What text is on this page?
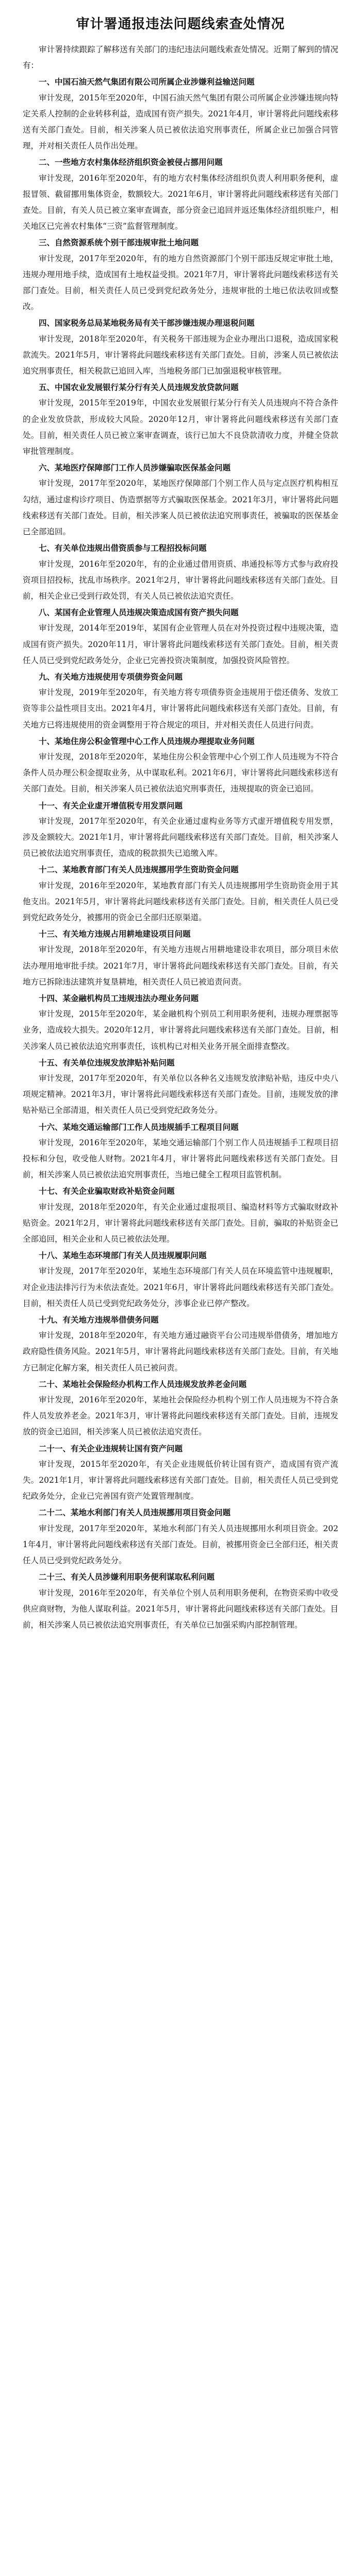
审计署通报违法问题线索查处情况

审计署持续跟踪了解移送有关部门的违纪违法问题线索查处情况。近期了解到的情况有：

一、中国石油天然气集团有限公司所属企业涉嫌利益输送问题

审计发现，2015年至2020年，中国石油天然气集团有限公司所属企业涉嫌违规向特定关系人控制的企业转移利益，造成国有资产损失。2021年4月，审计署将此问题线索移送有关部门查处。目前，相关涉案人员已被依法追究刑事责任，所属企业已加强合同管理，并对相关责任人员作出处理。

二、一些地方农村集体经济组织资金被侵占挪用问题

审计发现，2016年至2020年，有的地方农村集体经济组织负责人利用职务便利，虚报冒领、截留挪用集体资金，数额较大。2021年6月，审计署将此问题线索移送有关部门查处。目前，有关人员已被立案审查调查，部分资金已追回并返还集体经济组织账户，相关地区已完善农村集体“三资”监督管理制度。

三、自然资源系统个别干部违规审批土地问题

审计发现，2017年至2020年，有的地方自然资源部门个别干部违反规定审批土地，违规办理用地手续，造成国有土地权益受损。2021年7月，审计署将此问题线索移送有关部门查处。目前，相关责任人员已受到党纪政务处分，违规审批的土地已依法收回或整改。

四、国家税务总局某地税务局有关干部涉嫌违规办理退税问题

审计发现，2018年至2020年，有关税务干部违规为企业办理出口退税，造成国家税款流失。2021年5月，审计署将此问题线索移送有关部门查处。目前，涉案人员已被依法追究刑事责任，相关税款已追回入库，当地税务部门已加强退税审核管理。

五、中国农业发展银行某分行有关人员违规发放贷款问题

审计发现，2015年至2019年，中国农业发展银行某分行有关人员违规向不符合条件的企业发放贷款，形成较大风险。2020年12月，审计署将此问题线索移送有关部门查处。目前，相关责任人员已被立案审查调查，该行已加大不良贷款清收力度，并健全贷款审批管理制度。

六、某地医疗保障部门工作人员涉嫌骗取医保基金问题

审计发现，2017年至2020年，某地医疗保障部门个别工作人员与定点医疗机构相互勾结，通过虚构诊疗项目、伪造票据等方式骗取医保基金。2021年3月，审计署将此问题线索移送有关部门查处。目前，相关涉案人员已被依法追究刑事责任，被骗取的医保基金已全部追回。

七、有关单位违规出借资质参与工程招投标问题

审计发现，2016年至2020年，有的企业通过借用资质、串通投标等方式参与政府投资项目招投标，扰乱市场秩序。2021年2月，审计署将此问题线索移送有关部门查处。目前，相关企业已受到行政处罚，有关人员已被依法追究责任。

八、某国有企业管理人员违规决策造成国有资产损失问题

审计发现，2014年至2019年，某国有企业管理人员在对外投资过程中违规决策，造成国有资产损失。2020年11月，审计署将此问题线索移送有关部门查处。目前，相关责任人员已受到党纪政务处分，企业已完善投资决策制度，加强投资风险管控。

九、有关地方违规使用专项债券资金问题

审计发现，2019年至2020年，有关地方将专项债券资金违规用于偿还债务、发放工资等非公益性项目支出。2021年4月，审计署将此问题线索移送有关部门查处。目前，有关地方已将违规使用的资金调整用于符合规定的项目，并对相关责任人员进行问责。

十、某地住房公积金管理中心工作人员违规办理提取业务问题

审计发现，2018年至2020年，某地住房公积金管理中心个别工作人员违规为不符合条件人员办理公积金提取业务，从中谋取私利。2021年6月，审计署将此问题线索移送有关部门查处。目前，相关涉案人员已被依法追究刑事责任，违规提取的资金已追回。

十一、有关企业虚开增值税专用发票问题

审计发现，2017年至2020年，有关企业通过虚构业务等方式虚开增值税专用发票，涉及金额较大。2021年1月，审计署将此问题线索移送有关部门查处。目前，相关涉案人员已被依法追究刑事责任，造成的税款损失已追缴入库。

十二、某地教育部门有关人员违规挪用学生资助资金问题

审计发现，2016年至2020年，某地教育部门有关人员违规挪用学生资助资金用于其他支出。2021年5月，审计署将此问题线索移送有关部门查处。目前，相关责任人员已受到党纪政务处分，被挪用的资金已全部归还原渠道。

十三、有关地方违规占用耕地建设项目问题

审计发现，2018年至2020年，有关地方违规占用耕地建设非农项目，部分项目未依法办理用地审批手续。2021年7月，审计署将此问题线索移送有关部门查处。目前，有关地方已拆除违法建筑并复垦耕地，相关责任人员已被追责问责。

十四、某金融机构员工违规违法办理业务问题

审计发现，2015年至2020年，某金融机构个别员工利用职务便利，违规办理票据等业务，造成较大损失。2020年12月，审计署将此问题线索移送有关部门查处。目前，相关涉案人员已被依法追究刑事责任，该机构已对相关业务开展全面排查整改。

十五、有关单位违规发放津贴补贴问题

审计发现，2017年至2020年，有关单位以各种名义违规发放津贴补贴，违反中央八项规定精神。2021年3月，审计署将此问题线索移送有关部门查处。目前，违规发放的津贴补贴已全部清退，相关责任人员已受到党纪政务处分。

十六、某地交通运输部门工作人员违规插手工程项目问题

审计发现，2016年至2020年，某地交通运输部门个别工作人员违规插手工程项目招投标和分包，收受他人财物。2021年4月，审计署将此问题线索移送有关部门查处。目前，相关涉案人员已被依法追究刑事责任，当地已健全工程项目监管机制。

十七、有关企业骗取财政补贴资金问题

审计发现，2018年至2020年，有关企业通过虚报项目、编造材料等方式骗取财政补贴资金。2021年2月，审计署将此问题线索移送有关部门查处。目前，骗取的补贴资金已全部追回，相关企业和人员已被依法处理。

十八、某地生态环境部门有关人员违规履职问题

审计发现，2017年至2020年，某地生态环境部门有关人员在环境监管中违规履职，对企业违法排污行为未依法查处。2021年6月，审计署将此问题线索移送有关部门查处。目前，相关责任人员已受到党纪政务处分，涉事企业已停产整改。

十九、有关地方违规举借债务问题

审计发现，2018年至2020年，有关地方通过融资平台公司违规举借债务，增加地方政府隐性债务风险。2021年5月，审计署将此问题线索移送有关部门查处。目前，有关地方已制定化解方案，相关责任人员已被问责。

二十、某地社会保险经办机构工作人员违规发放养老金问题

审计发现，2016年至2020年，某地社会保险经办机构个别工作人员违规为不符合条件人员发放养老金。2021年3月，审计署将此问题线索移送有关部门查处。目前，违规发放的资金已追回，相关涉案人员已被依法追究责任。

二十一、有关企业违规转让国有资产问题

审计发现，2015年至2020年，有关企业违规低价转让国有资产，造成国有资产流失。2021年1月，审计署将此问题线索移送有关部门查处。目前，相关责任人员已受到党纪政务处分，企业已完善国有资产处置管理制度。

二十二、某地水利部门有关人员违规挪用项目资金问题

审计发现，2017年至2020年，某地水利部门有关人员违规挪用水利项目资金。2021年4月，审计署将此问题线索移送有关部门查处。目前，被挪用资金已全部归还，相关责任人员已受到党纪政务处分。

二十三、有关人员涉嫌利用职务便利谋取私利问题

审计发现，2016年至2020年，有关单位个别人员利用职务便利，在物资采购中收受供应商财物，为他人谋取利益。2021年5月，审计署将此问题线索移送有关部门查处。目前，相关涉案人员已被依法追究刑事责任，有关单位已加强采购内部控制管理。
